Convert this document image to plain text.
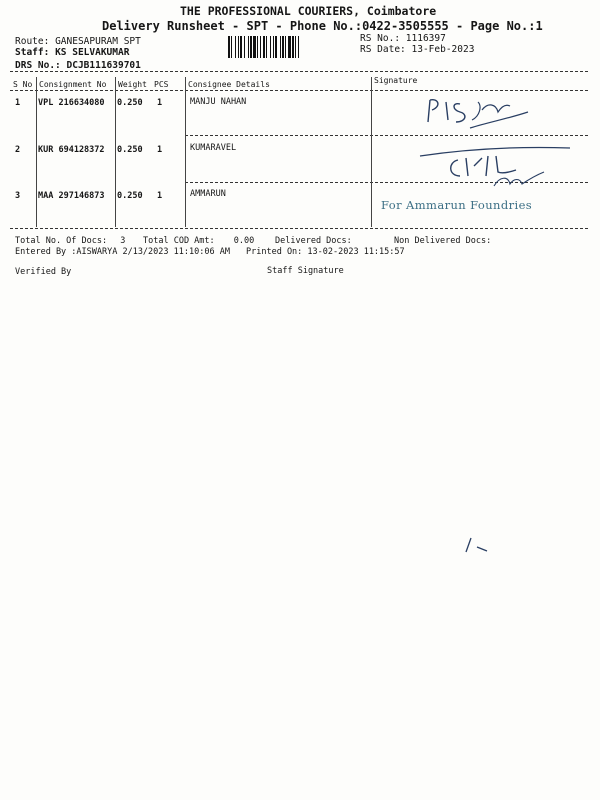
THE PROFESSIONAL COURIERS, Coimbatore
Delivery Runsheet - SPT - Phone No.:0422-3505555 - Page No.:1
Route: GANESAPURAM SPT
Staff: KS SELVAKUMAR
DRS No.: DCJB111639701
RS No.: 1116397
RS Date: 13-Feb-2023
S No Consignment No Weight PCS Consignee Details	Signature
1 VPL 216634080 0.250 1	MANJU NAHAN
2 KUR 694128372 0.250 1	KUMARAVEL
3 MAA 297146873 0.250 1	AMMARUN
For Ammarun Foundries
Total No. Of Docs: 3 Total COD Amt: 0.00 Delivered Docs:	Non Delivered Docs:
Entered By :AISWARYA 2/13/2023 11:10:06 AM Printed On: 13-02-2023 11:15:57
Verified By	Staff Signature
